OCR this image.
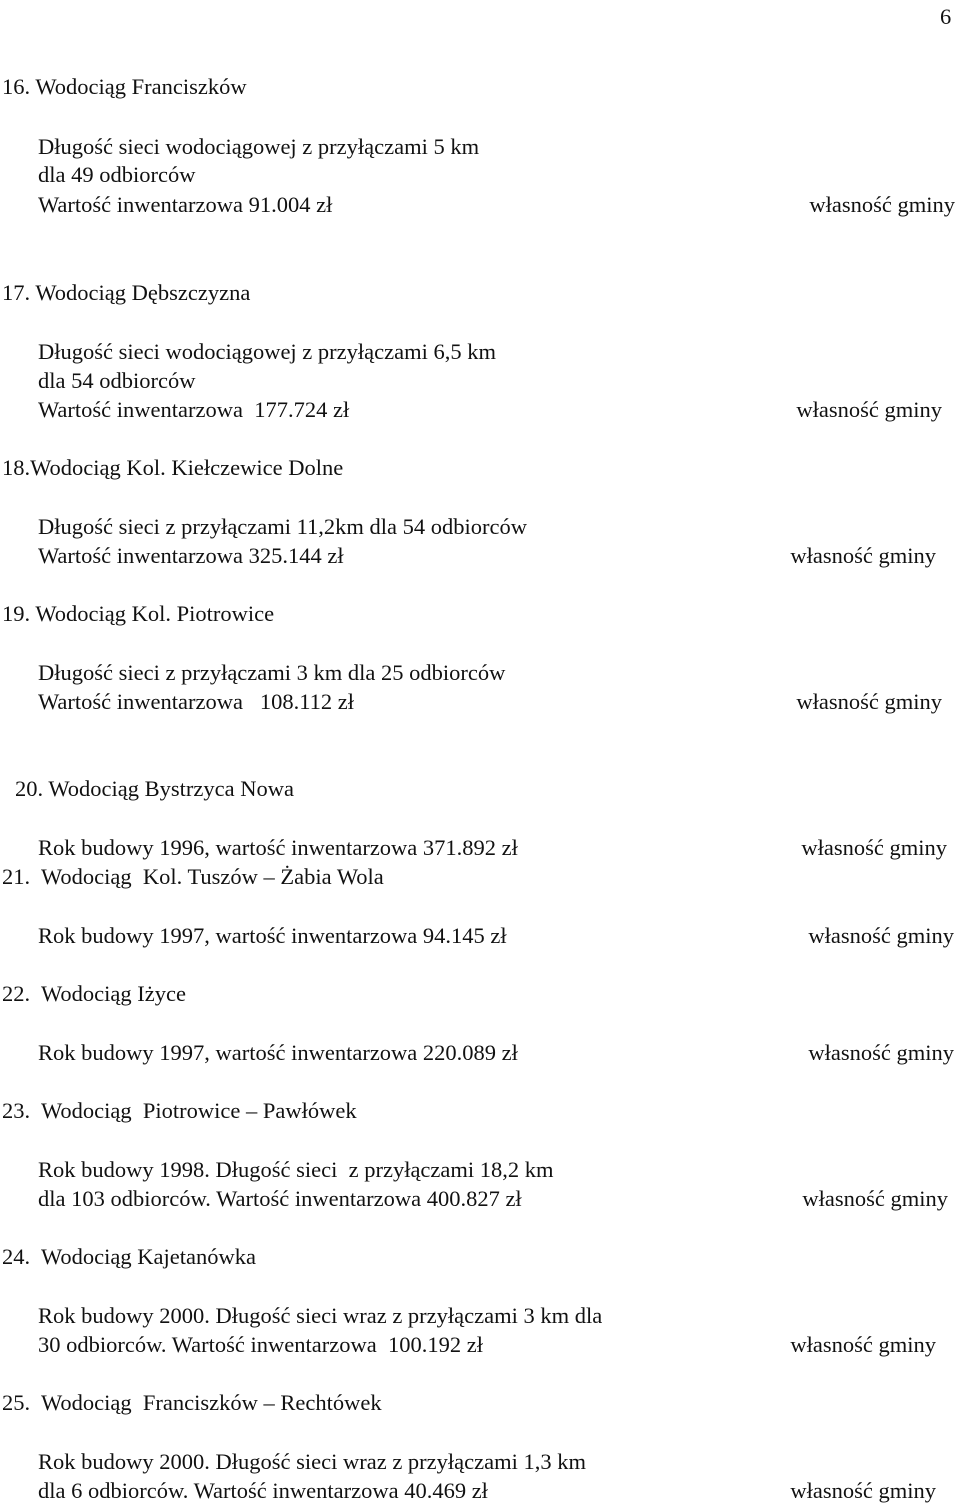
6
16. Wodociąg Franciszków
Długość sieci wodociągowej z przyłączami 5 km
dla 49 odbiorców
Wartość inwentarzowa 91.004 zł	własność gminy
17. Wodociąg Dębszczyzna
Długość sieci wodociągowej z przyłączami 6,5 km
dla 54 odbiorców
Wartość inwentarzowa  177.724 zł	własność gminy
18.Wodociąg Kol. Kiełczewice Dolne
Długość sieci z przyłączami 11,2km dla 54 odbiorców
Wartość inwentarzowa 325.144 zł	własność gminy
19. Wodociąg Kol. Piotrowice
Długość sieci z przyłączami 3 km dla 25 odbiorców
Wartość inwentarzowa   108.112 zł	własność gminy
20. Wodociąg Bystrzyca Nowa
Rok budowy 1996, wartość inwentarzowa 371.892 zł	własność gminy
21.  Wodociąg  Kol. Tuszów – Żabia Wola
Rok budowy 1997, wartość inwentarzowa 94.145 zł	własność gminy
22.  Wodociąg Iżyce
Rok budowy 1997, wartość inwentarzowa 220.089 zł	własność gminy
23.  Wodociąg  Piotrowice – Pawłówek
Rok budowy 1998. Długość sieci  z przyłączami 18,2 km
dla 103 odbiorców. Wartość inwentarzowa 400.827 zł	własność gminy
24.  Wodociąg Kajetanówka
Rok budowy 2000. Długość sieci wraz z przyłączami 3 km dla
30 odbiorców. Wartość inwentarzowa  100.192 zł	własność gminy
25.  Wodociąg  Franciszków – Rechtówek
Rok budowy 2000. Długość sieci wraz z przyłączami 1,3 km
dla 6 odbiorców. Wartość inwentarzowa 40.469 zł	własność gminy
